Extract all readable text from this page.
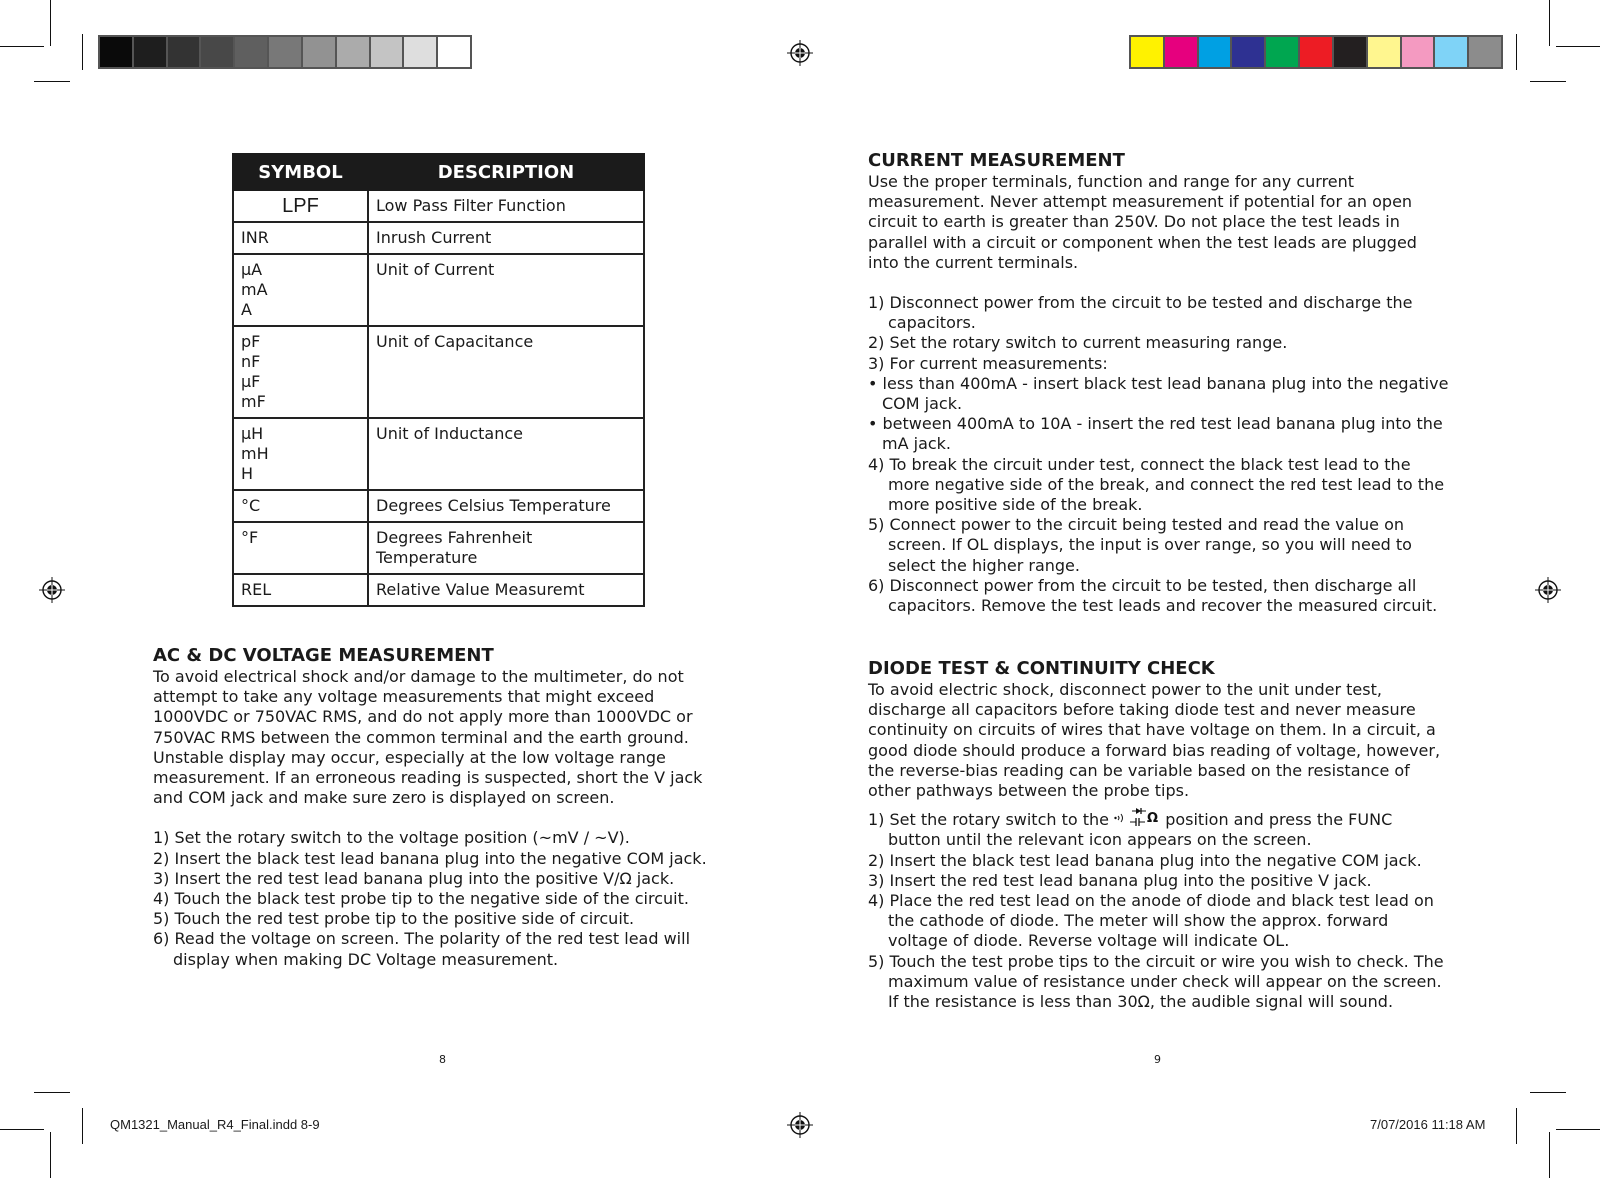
SYMBOL	DESCRIPTION

LPF	Low Pass Filter Function

INR	Inrush Current

μA
mA
A	Unit of Current

pF
nF
μF
mF	Unit of Capacitance

μH
mH
H	Unit of Inductance

°C	Degrees Celsius Temperature

°F	Degrees Fahrenheit Temperature

REL	Relative Value Measuremt
AC & DC VOLTAGE MEASUREMENT

To avoid electrical shock and/or damage to the multimeter, do not attempt to take any voltage measurements that might exceed 1000VDC or 750VAC RMS, and do not apply more than 1000VDC or 750VAC RMS between the common terminal and the earth ground. Unstable display may occur, especially at the low voltage range measurement. If an erroneous reading is suspected, short the V jack and COM jack and make sure zero is displayed on screen.

1) Set the rotary switch to the voltage position (~mV / ~V).

2) Insert the black test lead banana plug into the negative COM jack.

3) Insert the red test lead banana plug into the positive V/Ω jack.

4) Touch the black test probe tip to the negative side of the circuit.

5) Touch the red test probe tip to the positive side of circuit.

6) Read the voltage on screen. The polarity of the red test lead will display when making DC Voltage measurement.

CURRENT MEASUREMENT

Use the proper terminals, function and range for any current measurement. Never attempt measurement if potential for an open circuit to earth is greater than 250V. Do not place the test leads in parallel with a circuit or component when the test leads are plugged into the current terminals.

1) Disconnect power from the circuit to be tested and discharge the capacitors.

2) Set the rotary switch to current measuring range.

3) For current measurements:

• less than 400mA - insert black test lead banana plug into the negative COM jack.

• between 400mA to 10A - insert the red test lead banana plug into the mA jack.

4) To break the circuit under test, connect the black test lead to the more negative side of the break, and connect the red test lead to the more positive side of the break.

5) Connect power to the circuit being tested and read the value on screen. If OL displays, the input is over range, so you will need to select the higher range.

6) Disconnect power from the circuit to be tested, then discharge all capacitors. Remove the test leads and recover the measured circuit.

DIODE TEST & CONTINUITY CHECK

To avoid electric shock, disconnect power to the unit under test, discharge all capacitors before taking diode test and never measure continuity on circuits of wires that have voltage on them. In a circuit, a good diode should produce a forward bias reading of voltage, however, the reverse-bias reading can be variable based on the resistance of other pathways between the probe tips.

1) Set the rotary switch to the	Ω position and press the FUNC button until the relevant icon appears on the screen.

2) Insert the black test lead banana plug into the negative COM jack.

3) Insert the red test lead banana plug into the positive V jack.

4) Place the red test lead on the anode of diode and black test lead on the cathode of diode. The meter will show the approx. forward voltage of diode. Reverse voltage will indicate OL.

5) Touch the test probe tips to the circuit or wire you wish to check. The maximum value of resistance under check will appear on the screen. If the resistance is less than 30Ω, the audible signal will sound.

8	9
QM1321_Manual_R4_Final.indd 8-9	7/07/2016 11:18 AM
